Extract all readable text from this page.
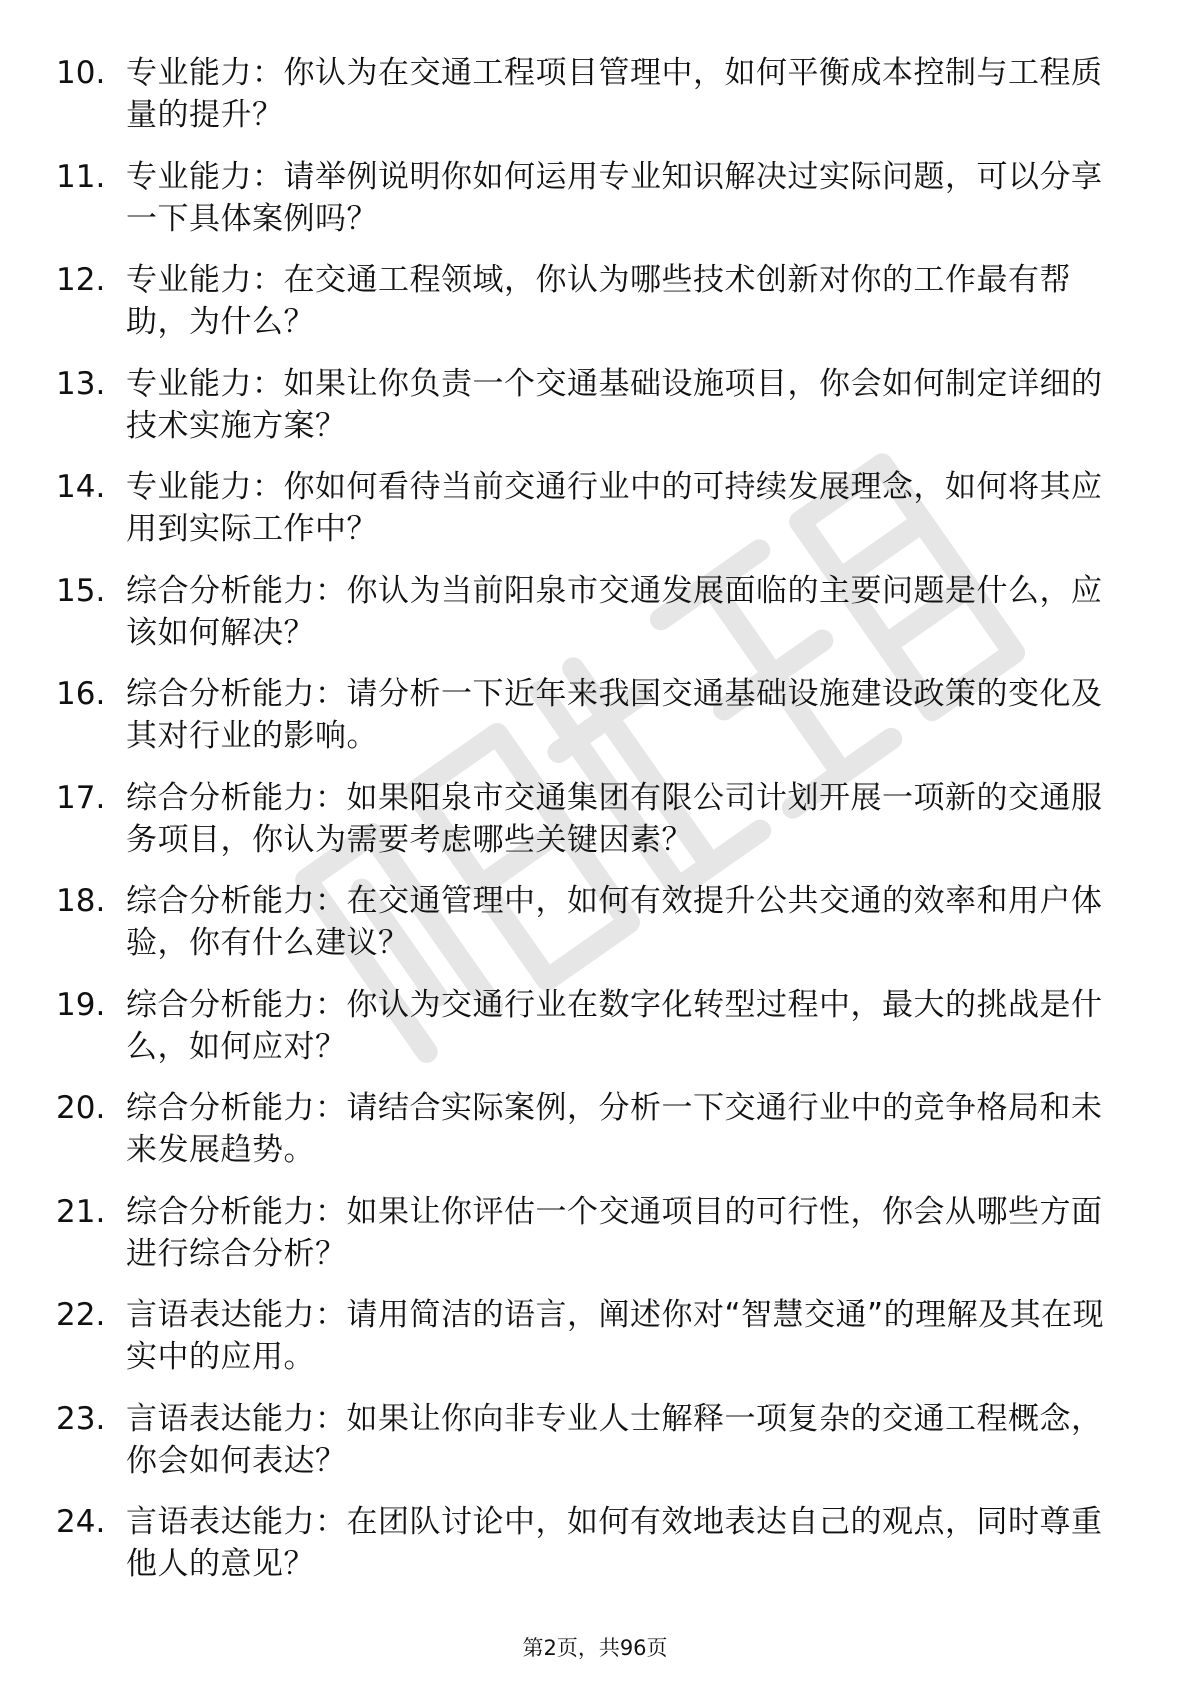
10. 专业能力：你认为在交通工程项目管理中，如何平衡成本控制与工程质量的提升？
11. 专业能力：请举例说明你如何运用专业知识解决过实际问题，可以分享一下具体案例吗？
12. 专业能力：在交通工程领域，你认为哪些技术创新对你的工作最有帮助，为什么？
13. 专业能力：如果让你负责一个交通基础设施项目，你会如何制定详细的技术实施方案？
14. 专业能力：你如何看待当前交通行业中的可持续发展理念，如何将其应用到实际工作中？
15. 综合分析能力：你认为当前阳泉市交通发展面临的主要问题是什么，应该如何解决？
16. 综合分析能力：请分析一下近年来我国交通基础设施建设政策的变化及其对行业的影响。
17. 综合分析能力：如果阳泉市交通集团有限公司计划开展一项新的交通服务项目，你认为需要考虑哪些关键因素？
18. 综合分析能力：在交通管理中，如何有效提升公共交通的效率和用户体验，你有什么建议？
19. 综合分析能力：你认为交通行业在数字化转型过程中，最大的挑战是什么，如何应对？
20. 综合分析能力：请结合实际案例，分析一下交通行业中的竞争格局和未来发展趋势。
21. 综合分析能力：如果让你评估一个交通项目的可行性，你会从哪些方面进行综合分析？
22. 言语表达能力：请用简洁的语言，阐述你对“智慧交通”的理解及其在现实中的应用。
23. 言语表达能力：如果让你向非专业人士解释一项复杂的交通工程概念，你会如何表达？
24. 言语表达能力：在团队讨论中，如何有效地表达自己的观点，同时尊重他人的意见？
第2页，共96页
